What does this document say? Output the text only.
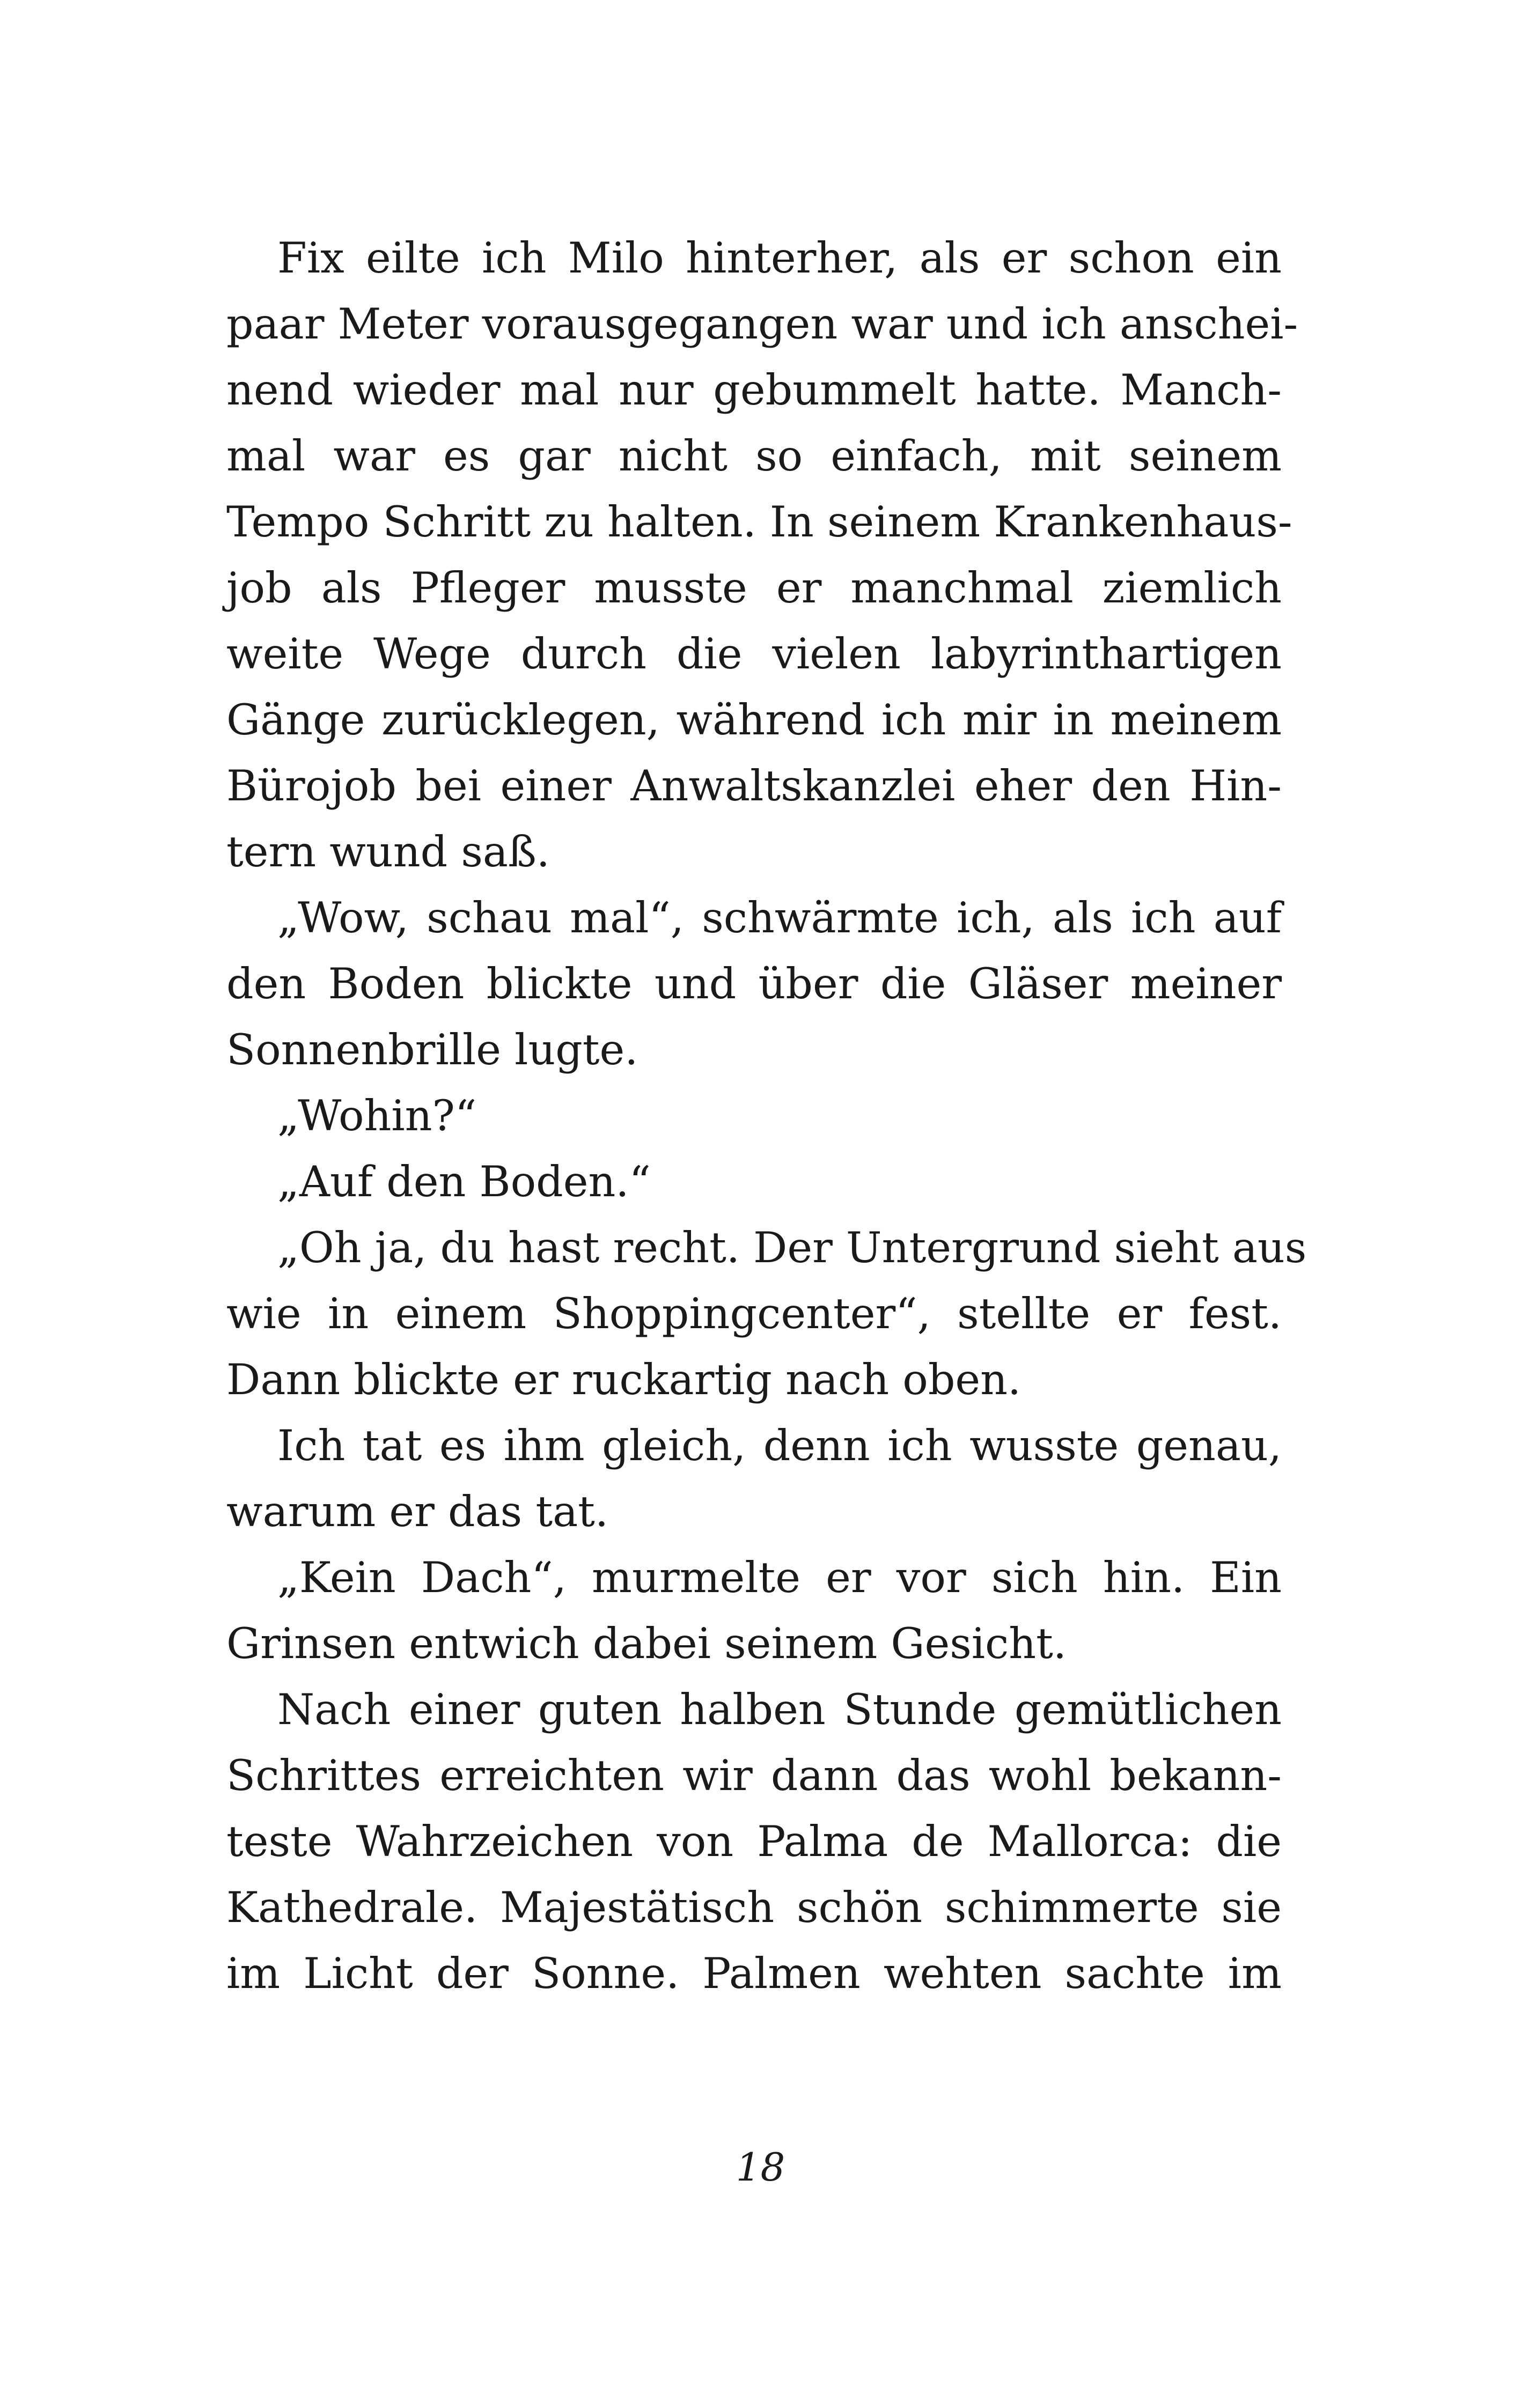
Fix eilte ich Milo hinterher, als er schon ein
paar Meter vorausgegangen war und ich anschei-
nend wieder mal nur gebummelt hatte. Manch-
mal war es gar nicht so einfach, mit seinem
Tempo Schritt zu halten. In seinem Krankenhaus-
job als Pfleger musste er manchmal ziemlich
weite Wege durch die vielen labyrinthartigen
Gänge zurücklegen, während ich mir in meinem
Bürojob bei einer Anwaltskanzlei eher den Hin-
tern wund saß.

„Wow, schau mal“, schwärmte ich, als ich auf
den Boden blickte und über die Gläser meiner
Sonnenbrille lugte.

„Wohin?“

„Auf den Boden.“

„Oh ja, du hast recht. Der Untergrund sieht aus
wie in einem Shoppingcenter“, stellte er fest.
Dann blickte er ruckartig nach oben.

Ich tat es ihm gleich, denn ich wusste genau,
warum er das tat.

„Kein Dach“, murmelte er vor sich hin. Ein
Grinsen entwich dabei seinem Gesicht.

Nach einer guten halben Stunde gemütlichen
Schrittes erreichten wir dann das wohl bekann-
teste Wahrzeichen von Palma de Mallorca: die
Kathedrale. Majestätisch schön schimmerte sie
im Licht der Sonne. Palmen wehten sachte im

18
